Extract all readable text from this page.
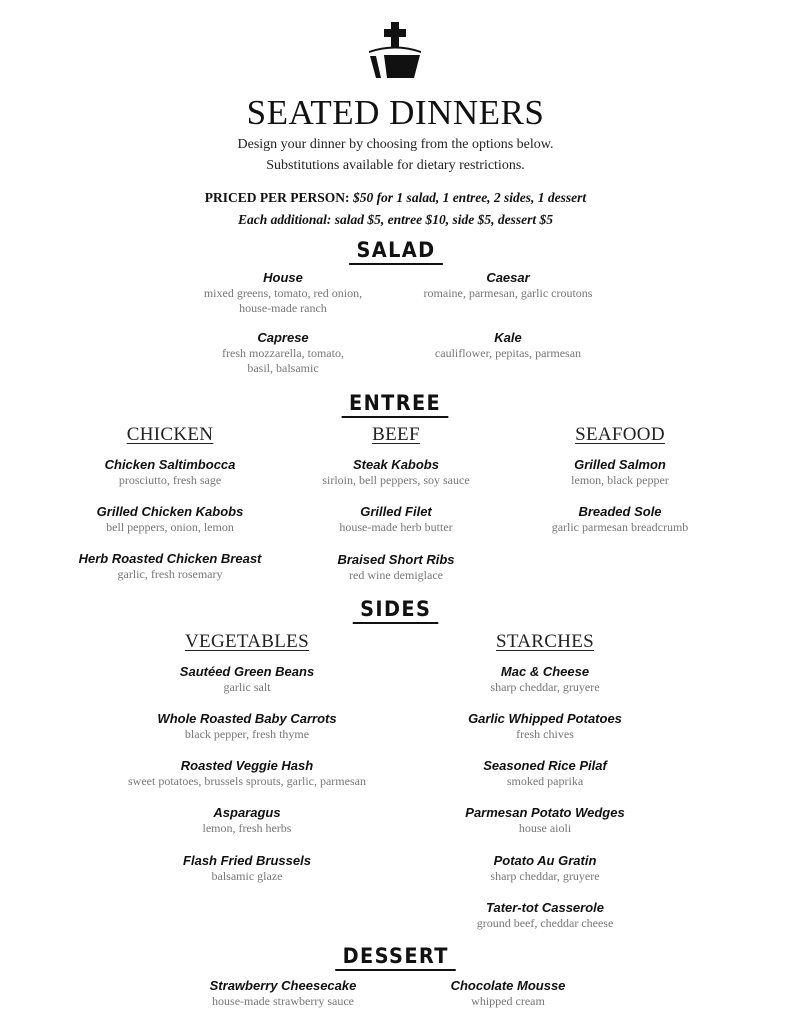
SEATED DINNERS
Design your dinner by choosing from the options below.
Substitutions available for dietary restrictions.
PRICED PER PERSON: $50 for 1 salad, 1 entree, 2 sides, 1 dessert
Each additional: salad $5, entree $10, side $5, dessert $5
SALAD
House
mixed greens, tomato, red onion,
house-made ranch
Caesar
romaine, parmesan, garlic croutons
Caprese
fresh mozzarella, tomato,
basil, balsamic
Kale
cauliflower, pepitas, parmesan
ENTREE
CHICKEN	BEEF	SEAFOOD
Chicken Saltimbocca
prosciutto, fresh sage
Grilled Chicken Kabobs
bell peppers, onion, lemon
Herb Roasted Chicken Breast
garlic, fresh rosemary
Steak Kabobs
sirloin, bell peppers, soy sauce
Grilled Filet
house-made herb butter
Braised Short Ribs
red wine demiglace
Grilled Salmon
lemon, black pepper
Breaded Sole
garlic parmesan breadcrumb
SIDES
VEGETABLES	STARCHES
Sautéed Green Beans
garlic salt
Whole Roasted Baby Carrots
black pepper, fresh thyme
Roasted Veggie Hash
sweet potatoes, brussels sprouts, garlic, parmesan
Asparagus
lemon, fresh herbs
Flash Fried Brussels
balsamic glaze
Mac & Cheese
sharp cheddar, gruyere
Garlic Whipped Potatoes
fresh chives
Seasoned Rice Pilaf
smoked paprika
Parmesan Potato Wedges
house aioli
Potato Au Gratin
sharp cheddar, gruyere
Tater-tot Casserole
ground beef, cheddar cheese
DESSERT
Strawberry Cheesecake
house-made strawberry sauce
Chocolate Mousse
whipped cream
